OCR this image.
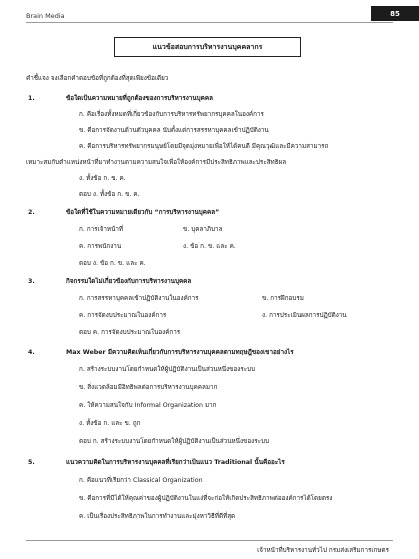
Brain Media	85
แนวข้อสอบการบริหารงานบุคคลากร
คำชี้แจง จงเลือกคำตอบข้อที่ถูกต้องที่สุดเพียงข้อเดียว
1.	ข้อใดเป็นความหมายที่ถูกต้องของการบริหารงานบุคคล
ก. คือเรื่องทั้งหมดที่เกี่ยวข้องกับการบริหารทรัพยากรบุคคลในองค์การ
ข. คือการจัดงานด้านตัวบุคคล นับตั้งแต่การสรรหาบุคคลเข้าปฏิบัติงาน
ค. คือการบริหารทรัพยากรมนุษย์โดยมีจุดมุ่งหมายเพื่อให้ได้คนดี มีคุณวุฒิและมีความสามารถ
เหมาะสมกับตำแหน่งหน้าที่มาทำงานตามความสนใจเพื่อให้องค์การมีประสิทธิภาพและประสิทธิผล
ง. ทั้งข้อ ก. ข. ค.
ตอบ ง. ทั้งข้อ ก. ข. ค.
2.	ข้อใดที่ใช้ในความหมายเดียวกับ “การบริหารงานบุคคล”
ก. การเจ้าหน้าที่	ข. บุคลาภิบาล
ค. การพนักงาน	ง. ข้อ ก. ข. และ ค.
ตอบ ง. ข้อ ก. ข. และ ค.
3.	กิจกรรมใดไม่เกี่ยวข้องกับการบริหารงานบุคคล
ก. การสรรหาบุคคลเข้าปฏิบัติงานในองค์การ	ข. การฝึกอบรม
ค. การจัดงบประมาณในองค์การ	ง. การประเมินผลการปฏิบัติงาน
ตอบ ค. การจัดงบประมาณในองค์การ
4.	Max Weber มีความคิดเห็นเกี่ยวกับการบริหารงานบุคคลตามทฤษฎีของเขาอย่างไร
ก. สร้างระบบงานโดยกำหนดให้ผู้ปฏิบัติงานเป็นส่วนหนึ่งของระบบ
ข. สิ่งแวดล้อมมีอิทธิพลต่อการบริหารงานบุคคลมาก
ค. ให้ความสนใจกับ Informal Organization มาก
ง. ทั้งข้อ ก. และ ข. ถูก
ตอบ ก. สร้างระบบงานโดยกำหนดให้ผู้ปฏิบัติงานเป็นส่วนหนึ่งของระบบ
5.	แนวความคิดในการบริหารงานบุคคลที่เรียกว่าเป็นแนว Traditional นั้นคืออะไร
ก. คือแนวที่เรียกว่า Classical Organization
ข. คือการที่มีได้ให้คุณค่าของผู้ปฏิบัติงานในแง่ที่จะก่อให้เกิดประสิทธิภาพต่อองค์การได้โดยตรง
ค. เป็นเรื่องประสิทธิภาพในการทำงานและมุ่งหาวิธีที่ดีที่สุด
เจ้าหน้าที่บริหารงานทั่วไป กรมส่งเสริมการเกษตร
